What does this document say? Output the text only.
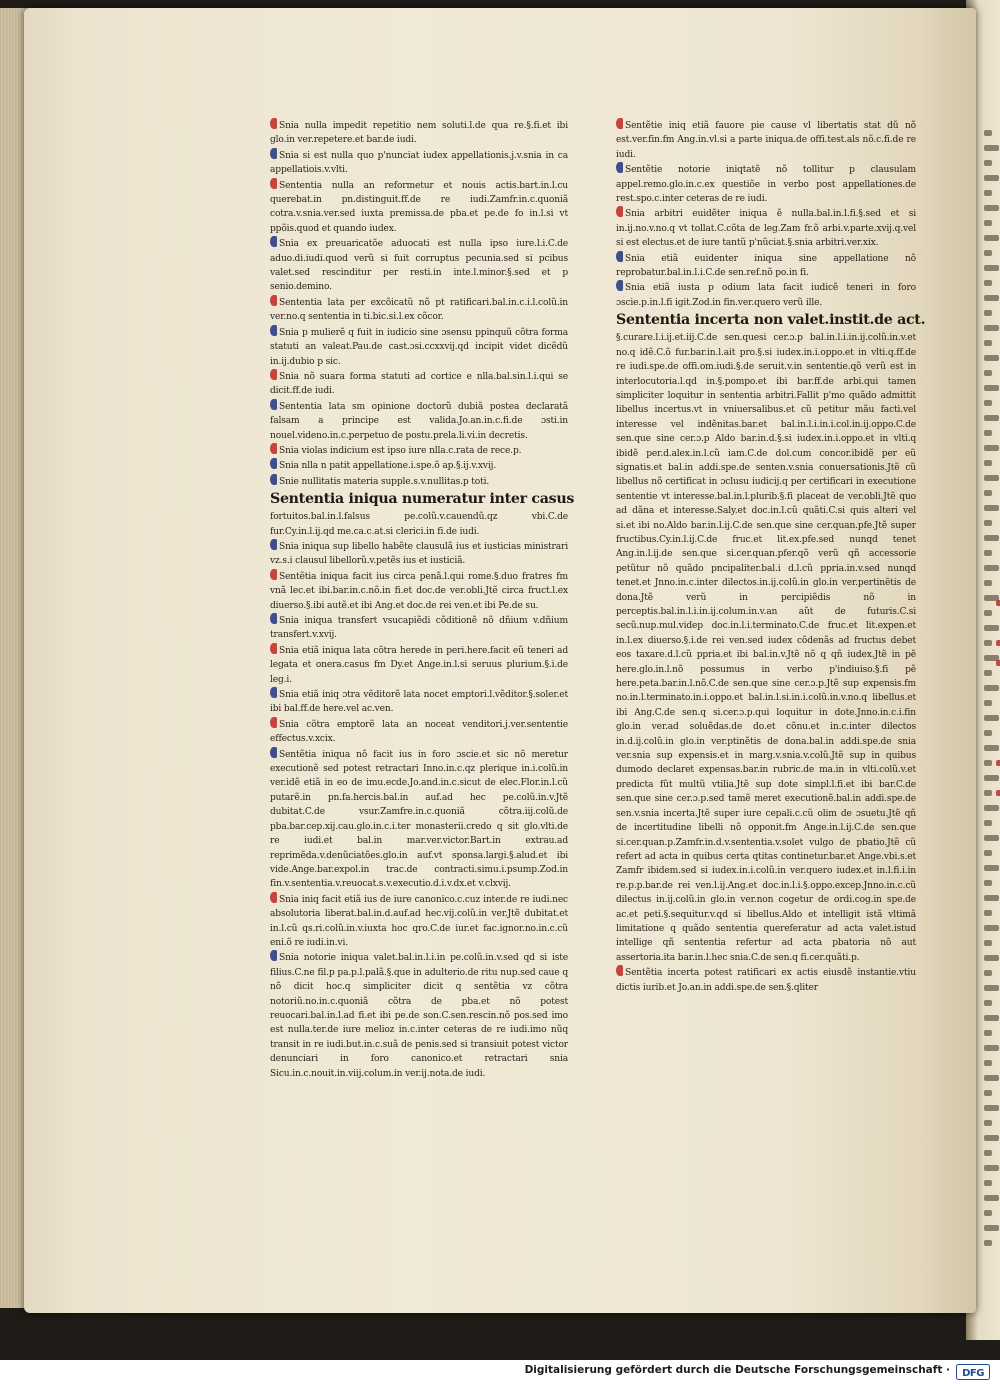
Snia nulla impedit repetitio nem soluti.l.de qua re.§.fi.et ibi glo.in ver.repetere.et bar.de iudi.

Snia si est nulla quo p'nunciat iudex appellationis.j.v.snia in ca appellatiois.v.vlti.

Sententia nulla an reformetur et nouis actis.bart.in.l.cu querebat.in pn.distinguit.ff.de re iudi.Zamfr.in.c.quoniã cotra.v.snia.ver.sed iuxta premissa.de pba.et pe.de fo in.l.si vt ppõis.quod et quando iudex.

Snia ex preuaricatõe aduocati est nulla ipso iure.l.i.C.de aduo.di.iudi.quod verũ si fuit corruptus pecunia.sed si pcibus valet.sed rescinditur per resti.in inte.l.minor.§.sed et p senio.demino.

Sententia lata per excõicatũ nõ pt ratificari.bal.in.c.i.l.colũ.in ver.no.q sententia in ti.bic.si.l.ex cõcor.

Snia p mulierẽ q fuit in iudicio sine ɔsensu ppinquũ cõtra forma statuti an valeat.Pau.de cast.ɔsi.ccxxvij.qd incipit videt dicẽdũ in.ij.dubio p sic.

Snia nõ suara forma statuti ad cortice e nlla.bal.sin.l.i.qui se dicit.ff.de iudi.

Sententia lata sm opinione doctorũ dubiã postea declaratã falsam a principe est valida.Jo.an.in.c.fi.de ɔsti.in nouel.videno.in.c.perpetuo de postu.prela.li.vi.in decretis.

Snia violas indicium est ipso iure nlla.c.rata de rece.p.

Snia nlla n patit appellatione.i.spe.õ ap.§.ij.v.xvij.

Snie nullitatis materia supple.s.v.nullitas.p toti.

Sententia iniqua numeratur inter casus

fortuitos.bal.in.l.falsus pe.colũ.v.cauendũ.qz vbi.C.de fur.Cy.in.l.ij.qd me.ca.c.at.si clerici.in fi.de iudi.

Snia iniqua sup libello habẽte clausulã ius et iusticias ministrari vz.s.i clausul libellorũ.v.petẽs ius et iusticiã.

Sentẽtia iniqua facit ius circa penã.l.qui rome.§.duo fratres fm vnã lec.et ibi.bar.in.c.nõ.in fi.et doc.de ver.obli.Jtẽ circa fruct.l.ex diuerso.§.ibi autẽ.et ibi Ang.et doc.de rei ven.et ibi Pe.de su.

Snia iniqua transfert vsucapiẽdi cõditionẽ nõ dñium v.dñium transfert.v.xvij.

Snia etiã iniqua lata cõtra herede in peri.here.facit eũ teneri ad legata et onera.casus fm Dy.et Ange.in.l.si seruus plurium.§.i.de leg.i.

Snia etiã iniq ɔtra vẽditorẽ lata nocet emptori.l.vẽditor.§.soler.et ibi bal.ff.de here.vel ac.ven.

Snia cõtra emptorẽ lata an noceat venditori.j.ver.sententie effectus.v.xcix.

Sentẽtia iniqua nõ facit ius in foro ɔscie.et sic nõ meretur executionẽ sed potest retractari Inno.in.c.qz plerique in.i.colũ.in ver.idẽ etiã in eo de imu.ecde.Jo.and.in.c.sicut de elec.Flor.in.l.cũ putarẽ.in pn.fa.hercis.bal.in auf.ad hec pe.colũ.in.v.Jtẽ dubitat.C.de vsur.Zamfre.in.c.quoniã cõtra.iij.colũ.de pba.bar.cep.xij.cau.glo.in.c.i.ter monasterii.credo q sit glo.vlti.de re iudi.et bal.in mar.ver.victor.Bart.in extrau.ad reprimẽda.v.denũciatões.glo.in auf.vt sponsa.largi.§.alud.et ibi vide.Ange.bar.expol.in trac.de contracti.simu.i.psump.Zod.in fin.v.sententia.v.reuocat.s.v.executio.d.i.v.dx.et v.clxvij.

Snia iniq facit etiã ius de iure canonico.c.cuz inter.de re iudi.nec absolutoria liberat.bal.in.d.auf.ad hec.vij.colũ.in ver.Jtẽ dubitat.et in.l.cũ qs.ri.colũ.in.v.iuxta hoc qro.C.de iur.et fac.ignor.no.in.c.cũ eni.õ re iudi.in.vi.

Snia notorie iniqua valet.bal.in.l.i.in pe.colũ.in.v.sed qd si iste filius.C.ne fil.p pa.p.l.palã.§.que in adulterio.de ritu nup.sed caue q nõ dicit hoc.q simpliciter dicit q sentẽtia vz cõtra notoriũ.no.in.c.quoniã cõtra de pba.et nõ potest reuocari.bal.in.l.ad fi.et ibi pe.de son.C.sen.rescin.nõ pos.sed imo est nulla.ter.de iure melioz in.c.inter ceteras de re iudi.imo nũq transit in re iudi.but.in.c.suã de penis.sed si transiuit potest victor denunciari in foro canonico.et retractari snia Sicu.in.c.nouit.in.viij.colum.in ver.ij.nota.de iudi.

Sentẽtie iniq etiã fauore pie cause vl libertatis stat dũ nõ est.ver.fin.fm Ang.in.vl.si a parte iniqua.de offi.test.als nõ.c.fi.de re iudi.

Sentẽtie notorie iniqtatẽ nõ tollitur p clausulam appel.remo.glo.in.c.ex questiõe in verbo post appellationes.de rest.spo.c.inter ceteras de re iudi.

Snia arbitri euidẽter iniqua ẽ nulla.bal.in.l.fi.§.sed et si in.ij.no.v.no.q vt tollat.C.cõta de leg.Zam fr.õ arbi.v.parte.xvij.q.vel si est electus.et de iure tantũ p'nũciat.§.snia arbitri.ver.xix.

Snia etiã euidenter iniqua sine appellatione nõ reprobatur.bal.in.l.i.C.de sen.ref.nõ po.in fi.

Snia etiã iusta p odium lata facit iudicẽ teneri in foro ɔscie.p.in.l.fi igit.Zod.in fin.ver.quero verũ ille.

Sententia incerta non valet.instit.de act.

§.curare.l.i.ij.et.iij.C.de sen.quesi cer.ɔ.p bal.in.l.i.in.ij.colũ.in.v.et no.q idẽ.C.õ fur.bar.in.l.ait pro.§.si iudex.in.i.oppo.et in vlti.q.ff.de re iudi.spe.de offi.om.iudi.§.de seruit.v.in sententie.qõ verũ est in interlocutoria.l.qd in.§.pompo.et ibi bar.ff.de arbi.qui tamen simpliciter loquitur in sententia arbitri.Fallit p'mo quãdo admittit libellus incertus.vt in vniuersalibus.et cũ petitur mãu facti.vel interesse vel indẽnitas.bar.et bal.in.l.i.in.i.col.in.ij.oppo.C.de sen.que sine cer.ɔ.p Aldo bar.in.d.§.si iudex.in.i.oppo.et in vlti.q ibidẽ per.d.alex.in.l.cũ iam.C.de dol.cum concor.ibidẽ per eũ signatis.et bal.in addi.spe.de senten.v.snia conuersationis.Jtẽ cũ libellus nõ certificat in ɔclusu iudicij.q per certificari in executione sententie vt interesse.bal.in.l.plurib.§.fi placeat de ver.obli.Jtẽ quo ad dãna et interesse.Saly.et doc.in.l.cũ quãti.C.si quis alteri vel si.et ibi no.Aldo bar.in.l.ij.C.de sen.que sine cer.quan.pfe.Jtẽ super fructibus.Cy.in.l.ij.C.de fruc.et lit.ex.pfe.sed nunqd tenet Ang.in.l.ij.de sen.que si.cer.quan.pfer.qõ verũ qñ accessorie petũtur nõ quãdo pncipaliter.bal.i d.l.cũ ppria.in.v.sed nunqd tenet.et Jnno.in.c.inter dilectos.in.ij.colũ.in glo.in ver.pertinẽtis de dona.Jtẽ verũ in percipiẽdis nõ in perceptis.bal.in.l.i.in.ij.colum.in.v.an aũt de futuris.C.si secũ.nup.mul.videp doc.in.l.i.terminato.C.de fruc.et lit.expen.et in.l.ex diuerso.§.i.de rei ven.sed iudex cõdenãs ad fructus debet eos taxare.d.l.cũ ppria.et ibi bal.in.v.Jtẽ nõ q qñ iudex.Jtẽ in pẽ here.glo.in.l.nõ possumus in verbo p'indiuiso.§.fi pẽ here.peta.bar.in.l.nõ.C.de sen.que sine cer.ɔ.p.Jtẽ sup expensis.fm no.in.l.terminato.in.i.oppo.et bal.in.l.si.in.i.colũ.in.v.no.q libellus.et ibi Ang.C.de sen.q si.cer.ɔ.p.qui loquitur in dote.Jnno.in.c.i.fin glo.in ver.ad soluẽdas.de do.et cõnu.et in.c.inter dilectos in.d.ij.colũ.in glo.in ver.ptinẽtis de dona.bal.in addi.spe.de snia ver.snia sup expensis.et in marg.v.snia.v.colũ.Jtẽ sup in quibus dumodo declaret expensas.bar.in rubric.de ma.in in vlti.colũ.v.et predicta fũt multũ vtilia.Jtẽ sup dote simpl.l.fi.et ibi bar.C.de sen.que sine cer.ɔ.p.sed tamẽ meret executionẽ.bal.in addi.spe.de sen.v.snia incerta.Jtẽ super iure cepali.c.cũ olim de ɔsuetu.Jtẽ qñ de incertitudine libelli nõ opponit.fm Ange.in.l.ij.C.de sen.que si.cer.quan.p.Zamfr.in.d.v.sententia.v.solet vulgo de pbatio.Jtẽ cũ refert ad acta in quibus certa qtitas continetur.bar.et Ange.vbi.s.et Zamfr ibidem.sed si iudex.in.i.colũ.in ver.quero iudex.et in.l.fi.i.in re.p.p.bar.de rei ven.l.ij.Ang.et doc.in.l.i.§.oppo.excep.Jnno.in.c.cũ dilectus in.ij.colũ.in glo.in ver.non cogetur de ordi.cog.in spe.de ac.et peti.§.sequitur.v.qd si libellus.Aldo et intelligit istã vltimã limitatione q quãdo sententia quereferatur ad acta valet.istud intellige qñ sententia refertur ad acta pbatoria nõ aut assertoria.ita bar.in.l.hec snia.C.de sen.q fi.cer.quãti.p.

Sentẽtia incerta potest ratificari ex actis eiusdẽ instantie.vtiu dictis iurib.et Jo.an.in addi.spe.de sen.§.qliter

Digitalisierung gefördert durch die Deutsche Forschungsgemeinschaft · DFG
